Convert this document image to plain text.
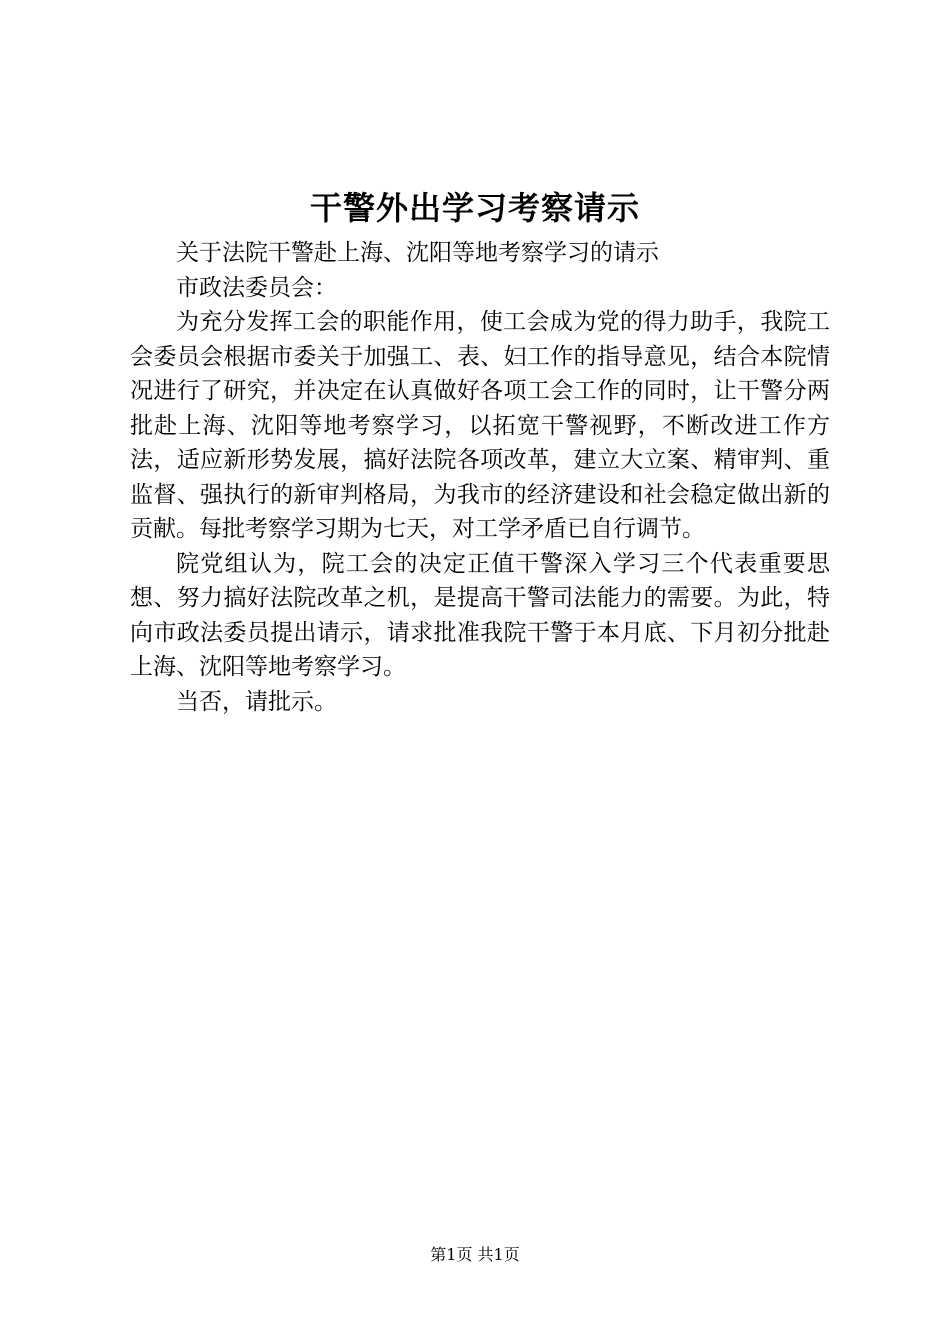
干警外出学习考察请示

关于法院干警赴上海、沈阳等地考察学习的请示

市政法委员会：

为充分发挥工会的职能作用，使工会成为党的得力助手，我院工会委员会根据市委关于加强工、表、妇工作的指导意见，结合本院情况进行了研究，并决定在认真做好各项工会工作的同时，让干警分两批赴上海、沈阳等地考察学习，以拓宽干警视野，不断改进工作方法，适应新形势发展，搞好法院各项改革，建立大立案、精审判、重监督、强执行的新审判格局，为我市的经济建设和社会稳定做出新的贡献。每批考察学习期为七天，对工学矛盾已自行调节。

院党组认为，院工会的决定正值干警深入学习三个代表重要思想、努力搞好法院改革之机，是提高干警司法能力的需要。为此，特向市政法委员提出请示，请求批准我院干警于本月底、下月初分批赴上海、沈阳等地考察学习。

当否，请批示。

第1页 共1页
